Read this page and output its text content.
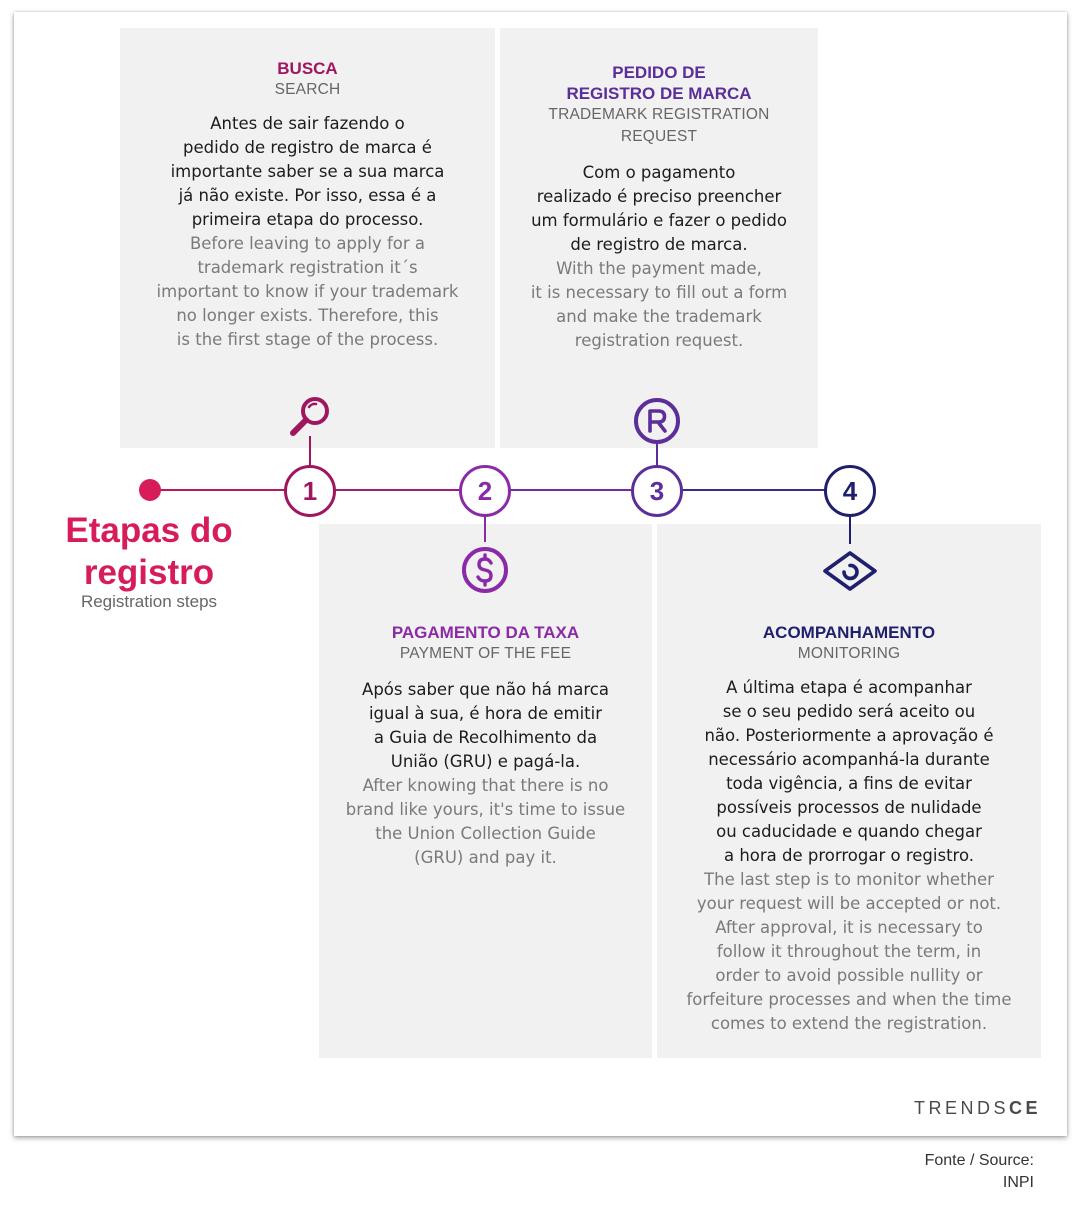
BUSCA
SEARCH
Antes de sair fazendo o
pedido de registro de marca é
importante saber se a sua marca
já não existe. Por isso, essa é a
primeira etapa do processo.
Before leaving to apply for a
trademark registration it´s
important to know if your trademark
no longer exists. Therefore, this
is the first stage of the process.
PEDIDO DE
REGISTRO DE MARCA
TRADEMARK REGISTRATION
REQUEST
Com o pagamento
realizado é preciso preencher
um formulário e fazer o pedido
de registro de marca.
With the payment made,
it is necessary to fill out a form
and make the trademark
registration request.
PAGAMENTO DA TAXA
PAYMENT OF THE FEE
Após saber que não há marca
igual à sua, é hora de emitir
a Guia de Recolhimento da
União (GRU) e pagá-la.
After knowing that there is no
brand like yours, it's time to issue
the Union Collection Guide
(GRU) and pay it.
ACOMPANHAMENTO
MONITORING
A última etapa é acompanhar
se o seu pedido será aceito ou
não. Posteriormente a aprovação é
necessário acompanhá-la durante
toda vigência, a fins de evitar
possíveis processos de nulidade
ou caducidade e quando chegar
a hora de prorrogar o registro.
The last step is to monitor whether
your request will be accepted or not.
After approval, it is necessary to
follow it throughout the term, in
order to avoid possible nullity or
forfeiture processes and when the time
comes to extend the registration.
1	2	3	4
Etapas do
registro
Registration steps
TRENDSCE
Fonte / Source:
INPI
